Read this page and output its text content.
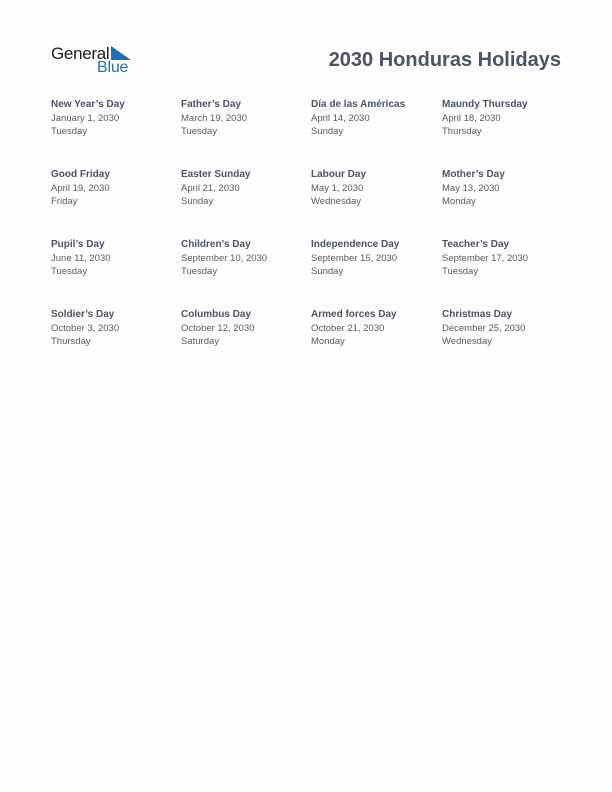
General
Blue	2030 Honduras Holidays
New Year’s Day
January 1, 2030
Tuesday
Father’s Day
March 19, 2030
Tuesday
Día de las Américas
April 14, 2030
Sunday
Maundy Thursday
April 18, 2030
Thursday
Good Friday
April 19, 2030
Friday
Easter Sunday
April 21, 2030
Sunday
Labour Day
May 1, 2030
Wednesday
Mother’s Day
May 13, 2030
Monday
Pupil’s Day
June 11, 2030
Tuesday
Children’s Day
September 10, 2030
Tuesday
Independence Day
September 15, 2030
Sunday
Teacher’s Day
September 17, 2030
Tuesday
Soldier’s Day
October 3, 2030
Thursday
Columbus Day
October 12, 2030
Saturday
Armed forces Day
October 21, 2030
Monday
Christmas Day
December 25, 2030
Wednesday
